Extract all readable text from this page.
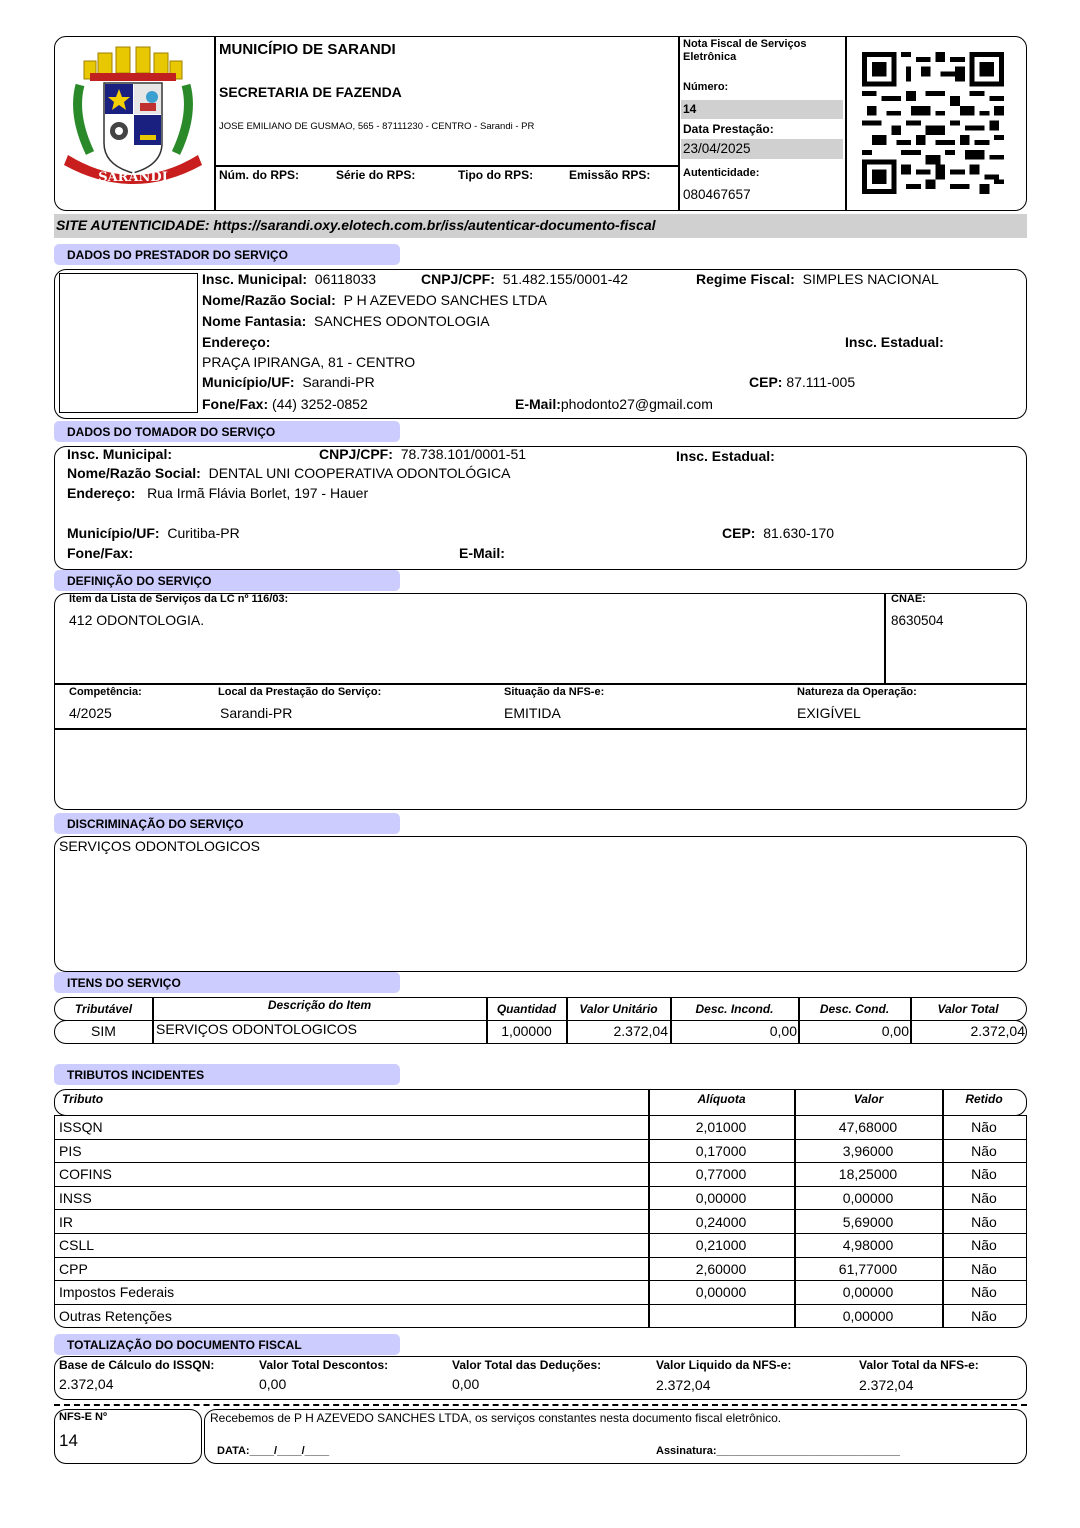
SARANDI
MUNICÍPIO DE SARANDI
SECRETARIA DE FAZENDA
JOSE EMILIANO DE GUSMAO, 565 - 87111230 - CENTRO - Sarandi - PR
Núm. do RPS:	Série do RPS:	Tipo do RPS:	Emissão RPS:
Nota Fiscal de Serviços Eletrônica
Número:
14
Data Prestação:
23/04/2025
Autenticidade:
080467657
SITE AUTENTICIDADE: https://sarandi.oxy.elotech.com.br/iss/autenticar-documento-fiscal
DADOS DO PRESTADOR DO SERVIÇO
Insc. Municipal: 06118033	CNPJ/CPF: 51.482.155/0001-42	Regime Fiscal: SIMPLES NACIONAL
Nome/Razão Social: P H AZEVEDO SANCHES LTDA
Nome Fantasia: SANCHES ODONTOLOGIA
Endereço:	Insc. Estadual:
PRAÇA IPIRANGA, 81 - CENTRO
Município/UF: Sarandi-PR	CEP: 87.111-005
Fone/Fax: (44) 3252-0852	E-Mail:phodonto27@gmail.com
DADOS DO TOMADOR DO SERVIÇO
Insc. Municipal:	CNPJ/CPF: 78.738.101/0001-51	Insc. Estadual:
Nome/Razão Social: DENTAL UNI COOPERATIVA ODONTOLÓGICA
Endereço: Rua Irmã Flávia Borlet, 197 - Hauer
Município/UF: Curitiba-PR	CEP: 81.630-170
Fone/Fax:	E-Mail:
DEFINIÇÃO DO SERVIÇO
Item da Lista de Serviços da LC nº 116/03:
412 ODONTOLOGIA.
CNAE:
8630504
Competência:
4/2025
Local da Prestação do Serviço:
Sarandi-PR
Situação da NFS-e:
EMITIDA
Natureza da Operação:
EXIGÍVEL
DISCRIMINAÇÃO DO SERVIÇO
SERVIÇOS ODONTOLOGICOS
ITENS DO SERVIÇO
Tributável	Descrição do Item	Quantidad	Valor Unitário	Desc. Incond.	Desc. Cond.	Valor Total
SIM	SERVIÇOS ODONTOLOGICOS	1,00000	2.372,04	0,00	0,00	2.372,04
TRIBUTOS INCIDENTES
Tributo	Alíquota	Valor	Retido
ISSQN	2,01000	47,68000	Não
PIS	0,17000	3,96000	Não
COFINS	0,77000	18,25000	Não
INSS	0,00000	0,00000	Não
IR	0,24000	5,69000	Não
CSLL	0,21000	4,98000	Não
CPP	2,60000	61,77000	Não
Impostos Federais	0,00000	0,00000	Não
Outras Retenções		0,00000	Não
TOTALIZAÇÃO DO DOCUMENTO FISCAL
Base de Cálculo do ISSQN:
2.372,04
Valor Total Descontos:
0,00
Valor Total das Deduções:
0,00
Valor Liquido da NFS-e:
2.372,04
Valor Total da NFS-e:
2.372,04
NFS-E Nº
14
Recebemos de P H AZEVEDO SANCHES LTDA, os serviços constantes nesta documento fiscal eletrônico.
DATA:____/____/____	Assinatura:______________________________
